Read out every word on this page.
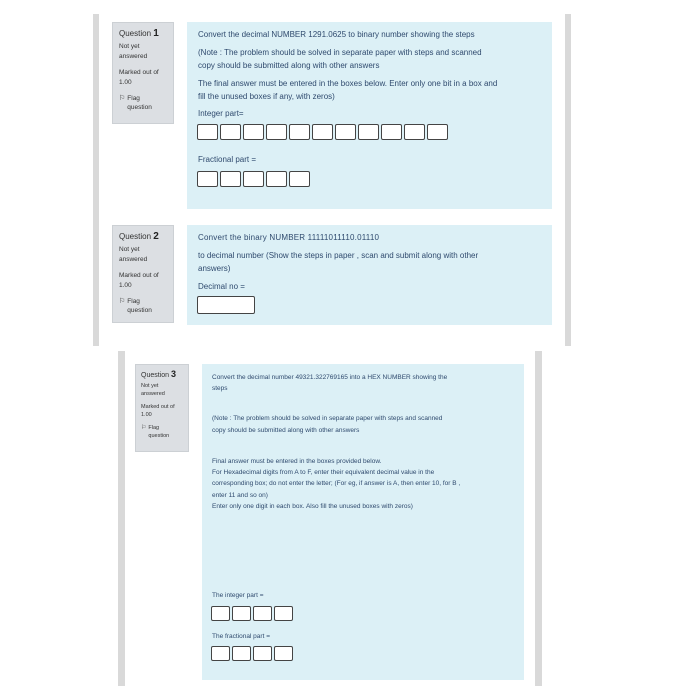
Question 1
Not yet
answered
Marked out of
1.00
⚐ Flag
question
Convert the decimal NUMBER 1291.0625 to binary number showing the steps
(Note : The problem should be solved in separate paper with steps and scanned
copy should be submitted along with other answers
The final answer must be entered in the boxes below. Enter only one bit in a box and
fill the unused boxes if any, with zeros)
Integer part=
Fractional part =
Question 2
Not yet
answered
Marked out of
1.00
⚐ Flag
question
Convert the binary NUMBER 11111011110.01110
to decimal number (Show the steps in paper , scan and submit along with other
answers)
Decimal no =
Question 3
Not yet
answered
Marked out of
1.00
⚐ Flag
question
Convert the decimal number 49321.322769165 into a HEX NUMBER showing the
steps
(Note : The problem should be solved in separate paper with steps and scanned
copy should be submitted along with other answers
Final answer must be entered in the boxes provided below.
For Hexadecimal digits from A to F, enter their equivalent decimal value in the
corresponding box; do not enter the letter; (For eg, if answer is A, then enter 10, for B ,
enter 11 and so on)
Enter only one digit in each box. Also fill the unused boxes with zeros)
The integer part =
The fractional part =
